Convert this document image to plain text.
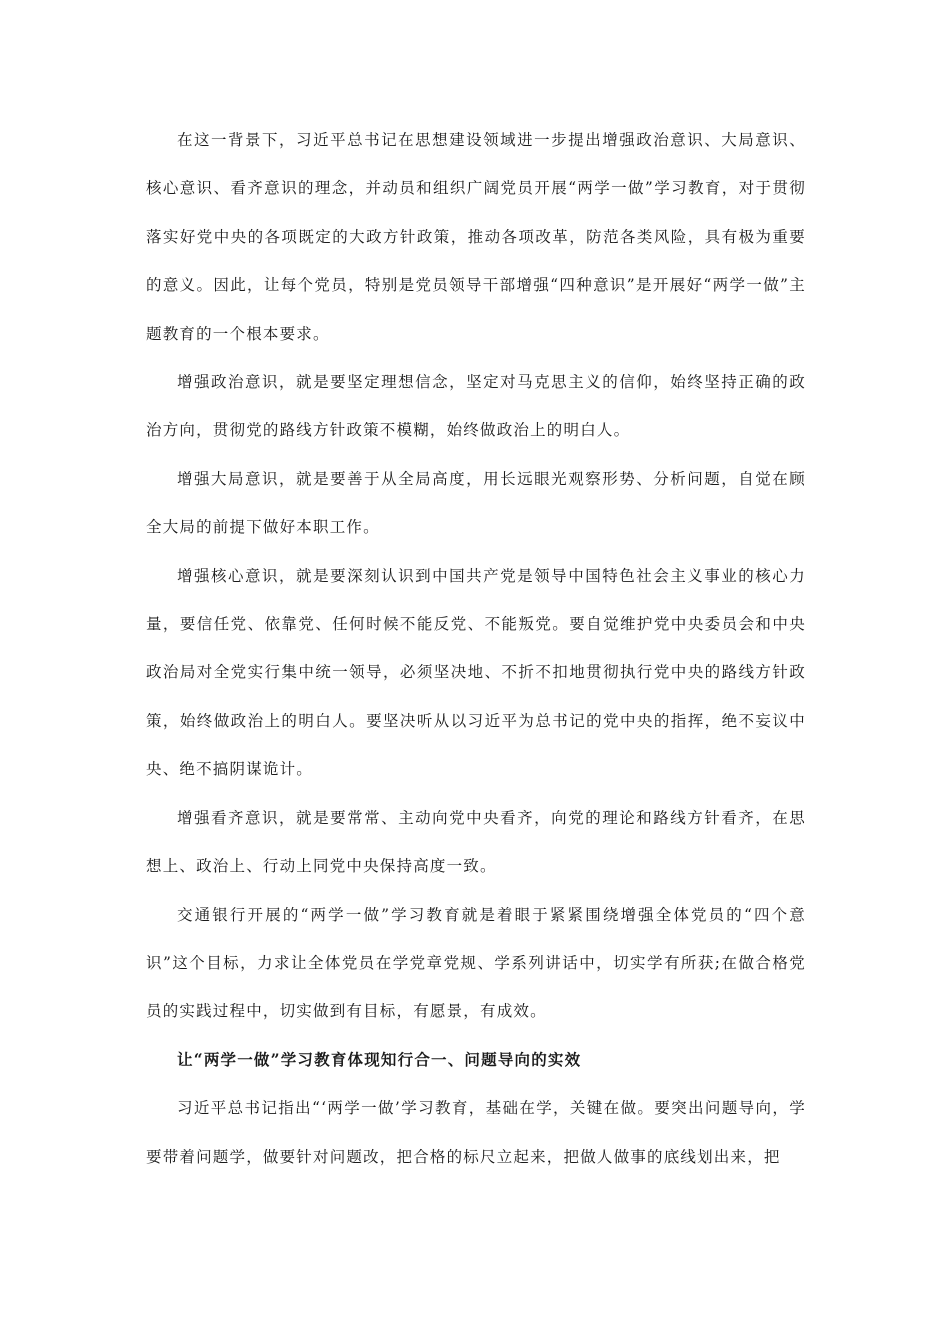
在这一背景下，习近平总书记在思想建设领域进一步提出增强政治意识、大局意识、核心意识、看齐意识的理念，并动员和组织广阔党员开展“两学一做”学习教育，对于贯彻落实好党中央的各项既定的大政方针政策，推动各项改革，防范各类风险，具有极为重要的意义。因此，让每个党员，特别是党员领导干部增强“四种意识”是开展好“两学一做”主题教育的一个根本要求。

增强政治意识，就是要坚定理想信念，坚定对马克思主义的信仰，始终坚持正确的政治方向，贯彻党的路线方针政策不模糊，始终做政治上的明白人。

增强大局意识，就是要善于从全局高度，用长远眼光观察形势、分析问题，自觉在顾全大局的前提下做好本职工作。

增强核心意识，就是要深刻认识到中国共产党是领导中国特色社会主义事业的核心力量，要信任党、依靠党、任何时候不能反党、不能叛党。要自觉维护党中央委员会和中央政治局对全党实行集中统一领导，必须坚决地、不折不扣地贯彻执行党中央的路线方针政策，始终做政治上的明白人。要坚决听从以习近平为总书记的党中央的指挥，绝不妄议中央、绝不搞阴谋诡计。

增强看齐意识，就是要常常、主动向党中央看齐，向党的理论和路线方针看齐，在思想上、政治上、行动上同党中央保持高度一致。

交通银行开展的“两学一做”学习教育就是着眼于紧紧围绕增强全体党员的“四个意识”这个目标，力求让全体党员在学党章党规、学系列讲话中，切实学有所获;在做合格党员的实践过程中，切实做到有目标，有愿景，有成效。

让“两学一做”学习教育体现知行合一、问题导向的实效

习近平总书记指出“‘两学一做’学习教育，基础在学，关键在做。要突出问题导向，学要带着问题学，做要针对问题改，把合格的标尺立起来，把做人做事的底线划出来，把
